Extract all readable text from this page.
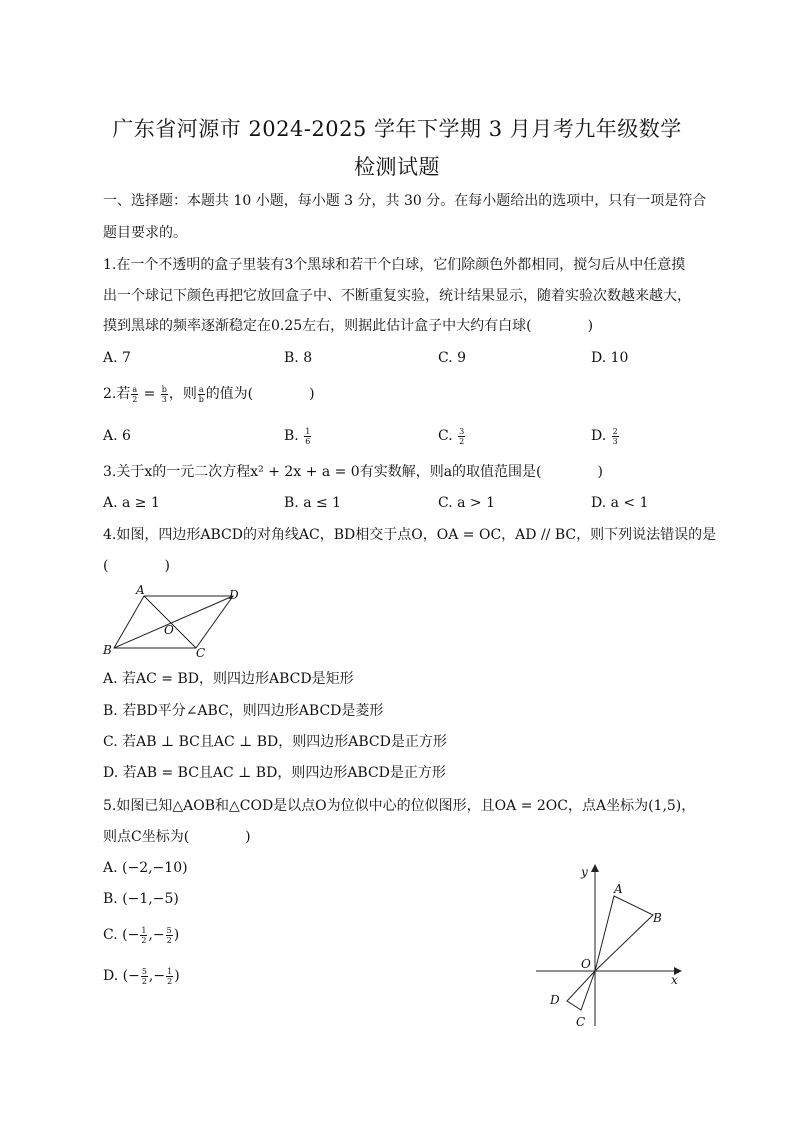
广东省河源市 2024-2025 学年下学期 3 月月考九年级数学
检测试题
一、选择题：本题共 10 小题，每小题 3 分，共 30 分。在每小题给出的选项中，只有一项是符合
题目要求的。
1.在一个不透明的盒子里装有3个黑球和若干个白球，它们除颜色外都相同，搅匀后从中任意摸
出一个球记下颜色再把它放回盒子中、不断重复实验，统计结果显示，随着实验次数越来越大，
摸到黑球的频率逐渐稳定在0.25左右，则据此估计盒子中大约有白球(　　　　)
A. 7	B. 8	C. 9	D. 10
2.若 $\frac{a}{2} = \frac{b}{3}$ ，则 $\frac{a}{b}$ 的值为(　　　　)
A. 6	B. $\frac{1}{6}$	C. $\frac{3}{2}$	D. $\frac{2}{3}$
3.关于x的一元二次方程x² + 2x + a = 0有实数解，则a的取值范围是(　　　　)
A. a ≥ 1	B. a ≤ 1	C. a > 1	D. a < 1
4.如图，四边形ABCD的对角线AC，BD相交于点O，OA = OC，AD // BC，则下列说法错误的是
(　　　　)
A	D
B	C
O
A. 若AC = BD，则四边形ABCD是矩形
B. 若BD平分∠ABC，则四边形ABCD是菱形
C. 若AB ⊥ BC且AC ⊥ BD，则四边形ABCD是正方形
D. 若AB = BC且AC ⊥ BD，则四边形ABCD是正方形
5.如图已知△AOB和△COD是以点O为位似中心的位似图形，且OA = 2OC，点A坐标为(1,5)，
则点C坐标为(　　　　)
A. (−2,−10)
B. (−1,−5)
C. (− $\frac{1}{2}$ ,− $\frac{5}{2}$ )
D. (− $\frac{5}{2}$ ,− $\frac{1}{2}$ )
y
x
A
B
O
D
C
